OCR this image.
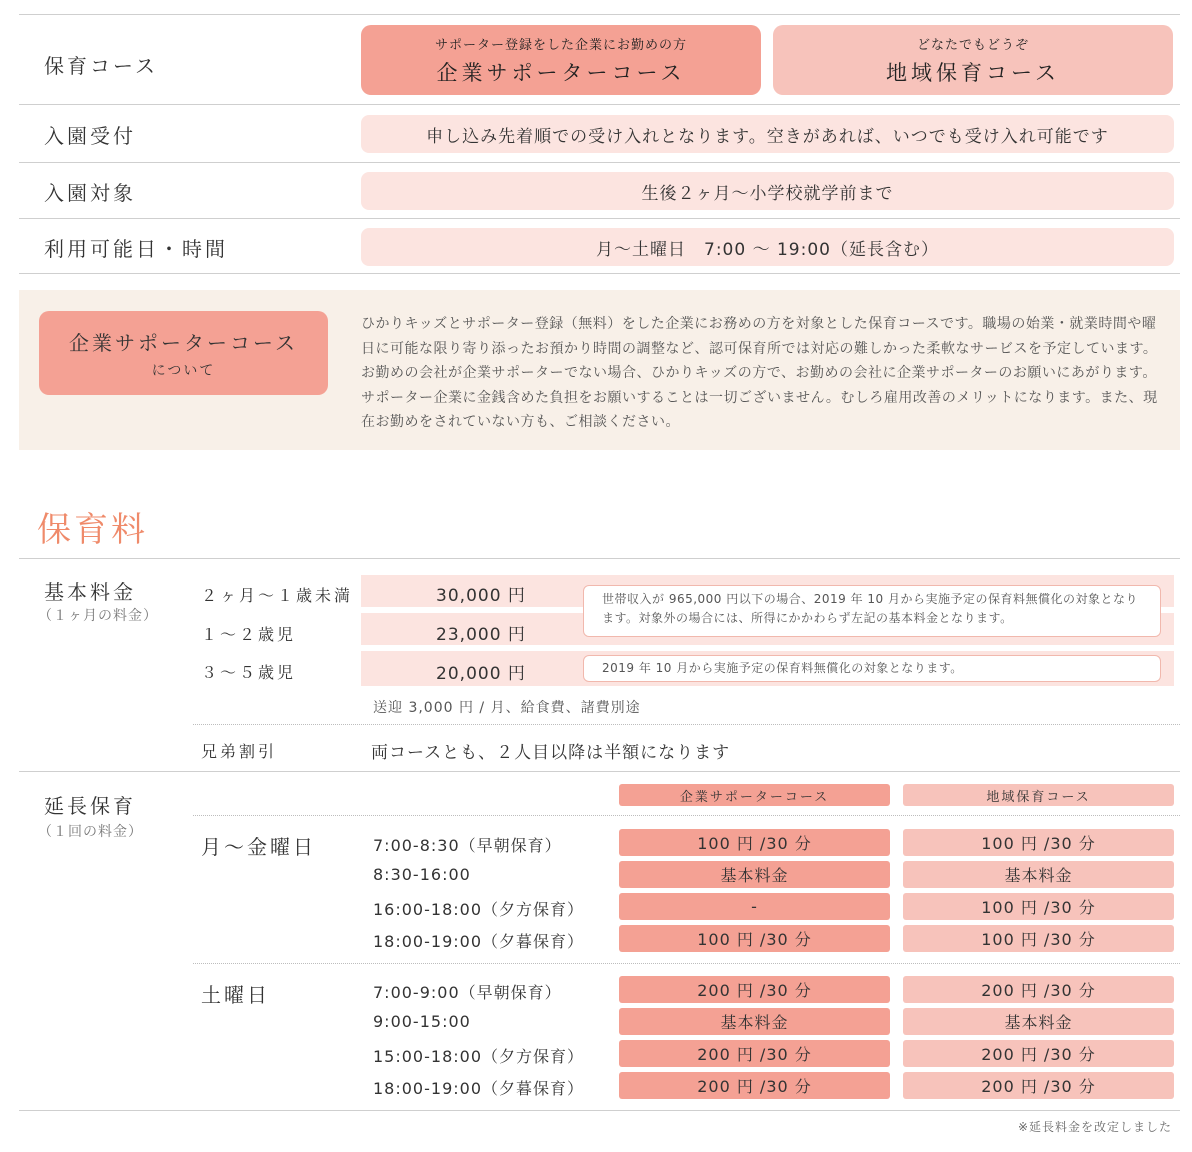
保育コース
サポーター登録をした企業にお勤めの方
企業サポーターコース
どなたでもどうぞ
地域保育コース
入園受付	申し込み先着順での受け入れとなります。空きがあれば、いつでも受け入れ可能です
入園対象	生後２ヶ月〜小学校就学前まで
利用可能日・時間	月〜土曜日　7:00 〜 19:00（延長含む）
企業サポーターコース
について
ひかりキッズとサポーター登録（無料）をした企業にお務めの方を対象とした保育コースです。職場の始業・就業時間や曜日に可能な限り寄り添ったお預かり時間の調整など、認可保育所では対応の難しかった柔軟なサービスを予定しています。お勤めの会社が企業サポーターでない場合、ひかりキッズの方で、お勤めの会社に企業サポーターのお願いにあがります。サポーター企業に金銭含めた負担をお願いすることは一切ございません。むしろ雇用改善のメリットになります。また、現在お勤めをされていない方も、ご相談ください。
保育料
基本料金
（１ヶ月の料金）
２ヶ月〜１歳未満	30,000 円
１〜２歳児	23,000 円
３〜５歳児	20,000 円
世帯収入が 965,000 円以下の場合、2019 年 10 月から実施予定の保育料無償化の対象となります。対象外の場合には、所得にかかわらず左記の基本料金となります。
2019 年 10 月から実施予定の保育料無償化の対象となります。
送迎 3,000 円 / 月、給食費、諸費別途
兄弟割引	両コースとも、２人目以降は半額になります
延長保育
（１回の料金）
企業サポーターコース	地域保育コース
月〜金曜日	7:00-8:30（早朝保育）	100 円 /30 分	100 円 /30 分
8:30-16:00	基本料金	基本料金
16:00-18:00（夕方保育）	-	100 円 /30 分
18:00-19:00（夕暮保育）	100 円 /30 分	100 円 /30 分
土曜日	7:00-9:00（早朝保育）	200 円 /30 分	200 円 /30 分
9:00-15:00	基本料金	基本料金
15:00-18:00（夕方保育）	200 円 /30 分	200 円 /30 分
18:00-19:00（夕暮保育）	200 円 /30 分	200 円 /30 分
※延長料金を改定しました
